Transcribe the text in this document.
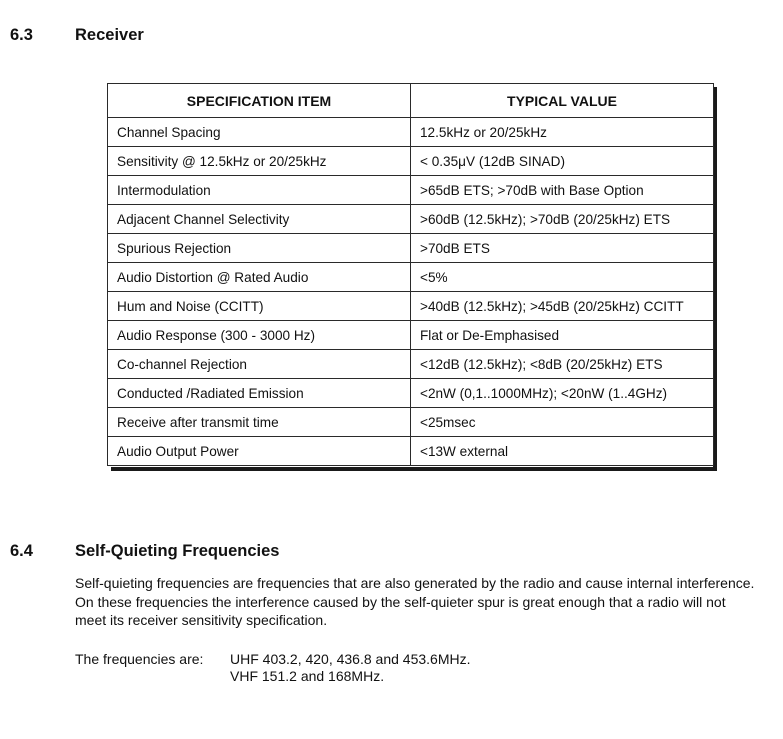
6.3	Receiver
SPECIFICATION ITEM	TYPICAL VALUE
Channel Spacing	12.5kHz or 20/25kHz
Sensitivity @ 12.5kHz or 20/25kHz	< 0.35μV (12dB SINAD)
Intermodulation	>65dB ETS; >70dB with Base Option
Adjacent Channel Selectivity	>60dB (12.5kHz); >70dB (20/25kHz) ETS
Spurious Rejection	>70dB ETS
Audio Distortion @ Rated Audio	<5%
Hum and Noise (CCITT)	>40dB (12.5kHz); >45dB (20/25kHz) CCITT
Audio Response (300 - 3000 Hz)	Flat or De-Emphasised
Co-channel Rejection	<12dB (12.5kHz); <8dB (20/25kHz) ETS
Conducted /Radiated Emission	<2nW (0,1..1000MHz); <20nW (1..4GHz)
Receive after transmit time	<25msec
Audio Output Power	<13W external
6.4	Self-Quieting Frequencies
Self-quieting frequencies are frequencies that are also generated by the radio and cause internal interference. On these frequencies the interference caused by the self-quieter spur is great enough that a radio will not meet its receiver sensitivity specification.
The frequencies are: UHF 403.2, 420, 436.8 and 453.6MHz.
VHF 151.2 and 168MHz.
